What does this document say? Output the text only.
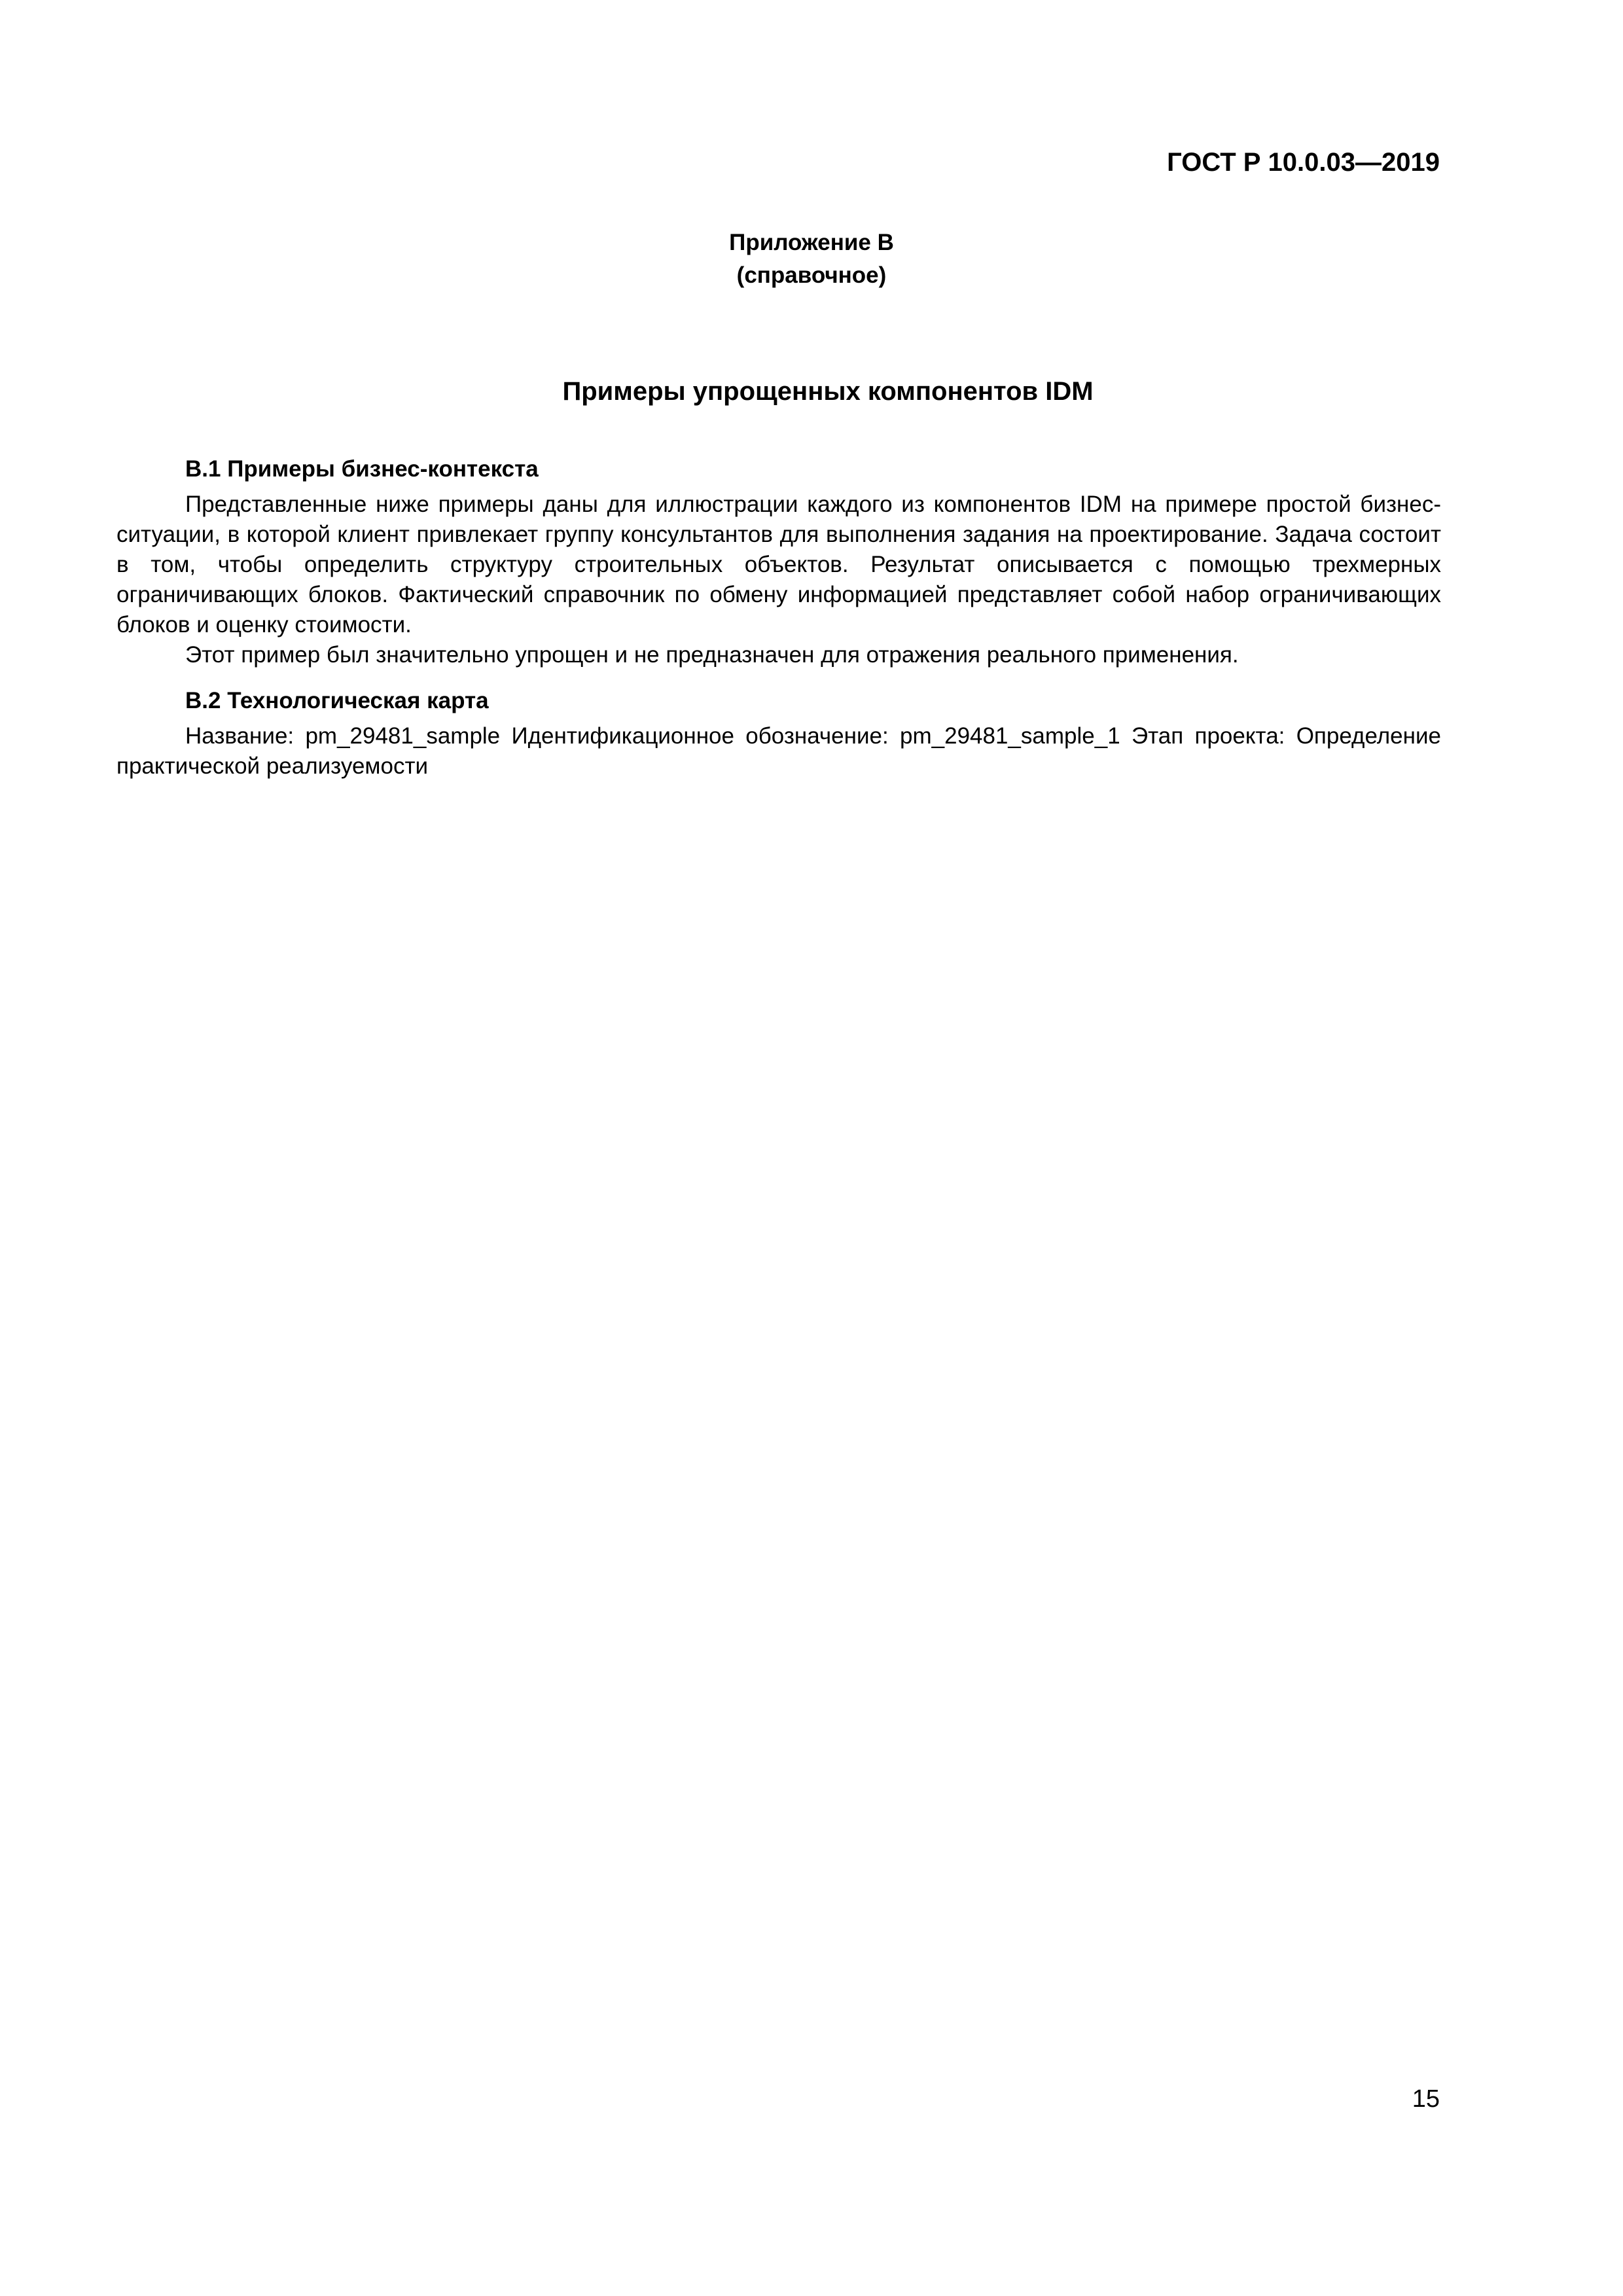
ГОСТ Р 10.0.03—2019
Приложение В
(справочное)
Примеры упрощенных компонентов IDM
В.1 Примеры бизнес-контекста

Представленные ниже примеры даны для иллюстрации каждого из компонентов IDM на примере простой бизнес-ситуации, в которой клиент привлекает группу консультантов для выполнения задания на проектирование. Задача состоит в том, чтобы определить структуру строительных объектов. Результат описывается с помощью трехмерных ограничивающих блоков. Фактический справочник по обмену информацией представляет собой набор ограничивающих блоков и оценку стоимости.

Этот пример был значительно упрощен и не предназначен для отражения реального применения.

В.2 Технологическая карта

Название: pm_29481_sample Идентификационное обозначение: pm_29481_sample_1 Этап проекта: Определение практической реализуемости

15
